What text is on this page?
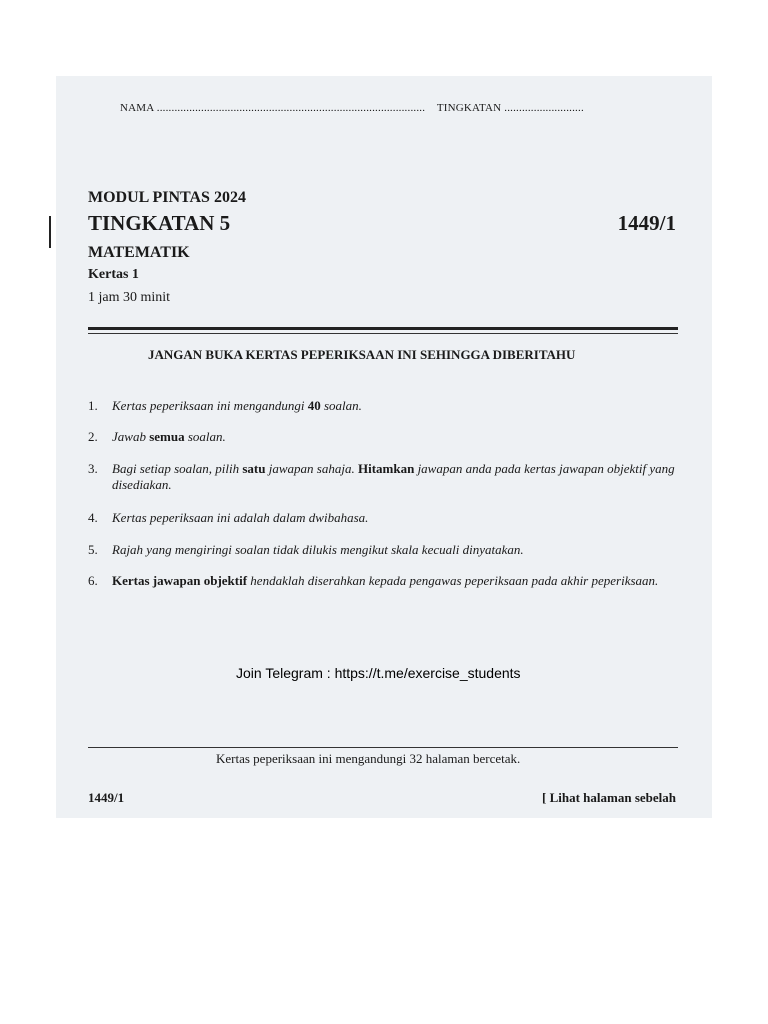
NAMA ........................................................................................... TINGKATAN ...........................
MODUL PINTAS 2024
TINGKATAN 5	1449/1
MATEMATIK
Kertas 1
1 jam 30 minit
JANGAN BUKA KERTAS PEPERIKSAAN INI SEHINGGA DIBERITAHU
1. Kertas peperiksaan ini mengandungi 40 soalan.
2. Jawab semua soalan.
3. Bagi setiap soalan, pilih satu jawapan sahaja. Hitamkan jawapan anda pada kertas jawapan objektif yang disediakan.
4. Kertas peperiksaan ini adalah dalam dwibahasa.
5. Rajah yang mengiringi soalan tidak dilukis mengikut skala kecuali dinyatakan.
6. Kertas jawapan objektif hendaklah diserahkan kepada pengawas peperiksaan pada akhir peperiksaan.
Join Telegram : https://t.me/exercise_students
Kertas peperiksaan ini mengandungi 32 halaman bercetak.
1449/1	[ Lihat halaman sebelah
